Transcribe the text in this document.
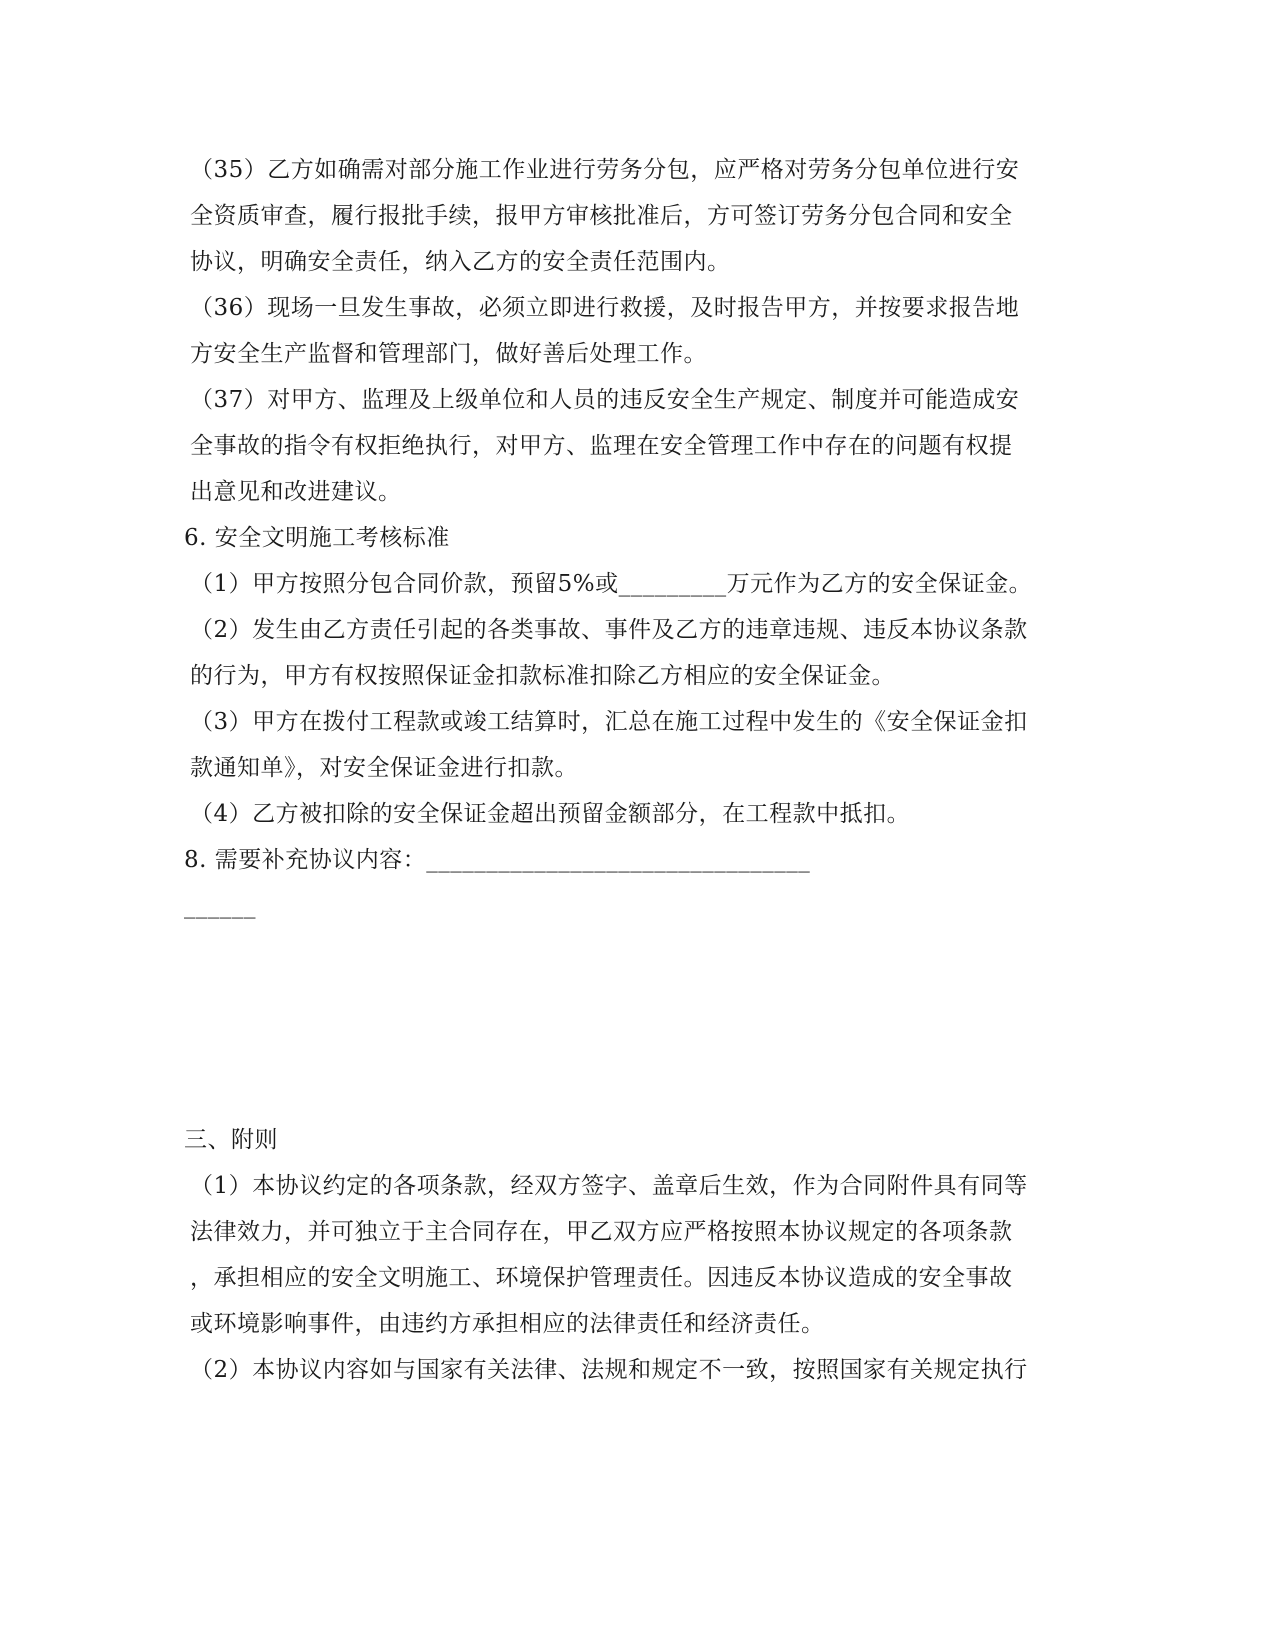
（35）乙方如确需对部分施工作业进行劳务分包，应严格对劳务分包单位进行安
全资质审查，履行报批手续，报甲方审核批准后，方可签订劳务分包合同和安全
协议，明确安全责任，纳入乙方的安全责任范围内。
（36）现场一旦发生事故，必须立即进行救援，及时报告甲方，并按要求报告地
方安全生产监督和管理部门，做好善后处理工作。
（37）对甲方、监理及上级单位和人员的违反安全生产规定、制度并可能造成安
全事故的指令有权拒绝执行，对甲方、监理在安全管理工作中存在的问题有权提
出意见和改进建议。
6. 安全文明施工考核标准
（1）甲方按照分包合同价款，预留5%或_________万元作为乙方的安全保证金。
（2）发生由乙方责任引起的各类事故、事件及乙方的违章违规、违反本协议条款
的行为，甲方有权按照保证金扣款标准扣除乙方相应的安全保证金。
（3）甲方在拨付工程款或竣工结算时，汇总在施工过程中发生的《安全保证金扣
款通知单》，对安全保证金进行扣款。
（4）乙方被扣除的安全保证金超出预留金额部分，在工程款中抵扣。
8. 需要补充协议内容：________________________________
______
三、附则
（1）本协议约定的各项条款，经双方签字、盖章后生效，作为合同附件具有同等
法律效力，并可独立于主合同存在，甲乙双方应严格按照本协议规定的各项条款
，承担相应的安全文明施工、环境保护管理责任。因违反本协议造成的安全事故
或环境影响事件，由违约方承担相应的法律责任和经济责任。
（2）本协议内容如与国家有关法律、法规和规定不一致，按照国家有关规定执行
